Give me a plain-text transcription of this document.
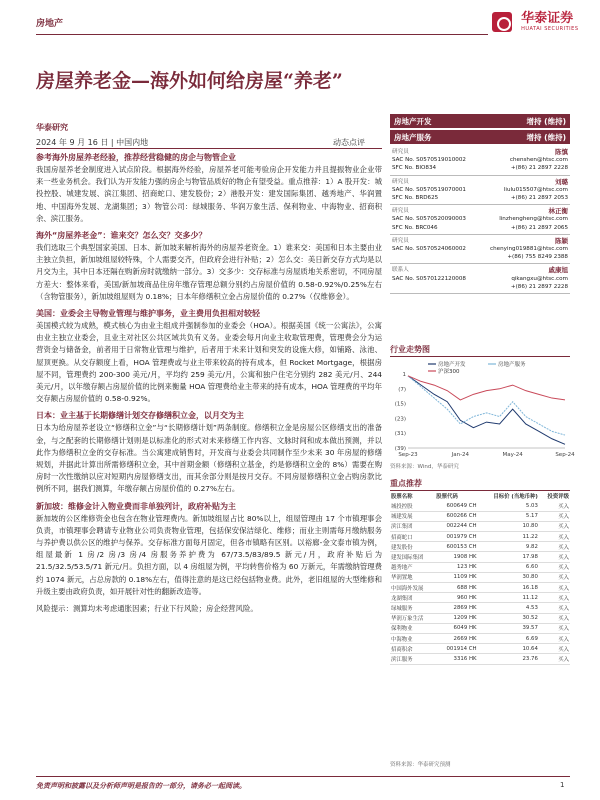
房地产
	华泰证券
HUATAI SECURITIES
房屋养老金—海外如何给房屋“养老”
华泰研究
2024 年 9 月 16 日 | 中国内地	动态点评
参考海外房屋养老经验，推荐经营稳健的房企与物管企业
我国房屋养老金制度进入试点阶段。根据海外经验，房屋养老可能考验房企开发能力并且提振物业企业带来一些业务机会。我们认为开发能力强的房企与物管品质好的物企有望受益。重点推荐：1）A 股开发：城投控股、城建发展、滨江集团、招商蛇口、建发股份；2）港股开发：建发国际集团、越秀地产、华润置地、中国海外发展、龙湖集团；3）物管公司：绿城服务、华润万象生活、保利物业、中海物业、招商积余、滨江服务。
海外“房屋养老金”：谁来交？怎么交？交多少？
我们选取三个典型国家美国、日本、新加坡来解析海外的房屋养老资金。1）谁来交：美国和日本主要由业主独立负担，新加坡组屋较特殊，个人需要交齐，但政府会进行补贴；2）怎么交：美日新交存方式均是以月交为主，其中日本还隔在购新房时就缴纳一部分。3）交多少：交存标准与房屋质地关系密切，不同房屋方差大：整体来看，美国/新加坡商品住房年缴存管理总额分别约占房屋价值的 0.58-0.92%/0.25%左右（含物管服务），新加坡组屋则为 0.18%；日本年修缮积立金占房屋价值的 0.27%（仅维修金）。
美国：业委会主导物业管理与维护事务，业主费用负担相对较轻
美国模式较为成熟，模式核心为由业主组成并强制参加的业委会（HOA）。根据美国《统一公寓法》，公寓由业主独立业委会，且业主对社区公共区域共负有义务。业委会每月向业主收取管理费，管理费会分为运营资金与储备金，前者用于日常物业管理与维护，后者用于未来计划和突发的设施大修，如铺路、泳池、屋顶更换。从交存额度上看，HOA 管理费或与业主带来较高的持有成本，但 Rocket Mortgage，根据房屋不同，管理费约 200-300 美元/月，平均约 259 美元/月，公寓和独户住宅分别约 282 美元/月、244 美元/月，以年缴存额占房屋价值的比例来衡量 HOA 管理费给业主带来的持有成本，HOA 管理费的平均年交存额占房屋价值的 0.58-0.92%。
日本：业主基于长期修缮计划交存修缮积立金，以月交为主
日本为给房屋养老设立“修缮积立金”与“长期修缮计划”两条制度。修缮积立金是房屋公区修缮支出的准备金，与之配套的长期修缮计划则是以标准化的形式对未来修缮工作内容、文脉时间和成本做出预测，并以此作为修缮积立金的交存标准。当公寓建成销售时，开发商与业委会共同制作至少未来 30 年房屋的修缮规划，并据此计算出所需修缮积立金，其中首期金额（修缮积立基金，约是修缮积立金的 8%）需要在购房时一次性缴纳以应对短期内房屋修缮支出，而其余部分则是按月交存。不同房屋修缮积立金占购房款比例所不同，据我们测算，年缴存额占房屋价值的 0.27%左右。
新加坡：维修金计入物业费而非单独列计，政府补贴为主
新加坡的公区维修资金也包含在物业管理费内。新加坡组屋占比 80%以上，组屋管理由 17 个市镇理事会负责，市镇理事会聘请专业物业公司负责物业管理，包括保安保洁绿化、维修；而业主则需每月缴纳服务与养护费以供公区的维护与保养。交存标准方面每月固定，但各市镇略有区别。以裕廊-金文泰市镇为例，组屋最新 1 房/2 房/3 房/4 房服务养护费为 67/73.5/83/89.5 新元/月，政府补贴后为 21.5/32.5/53.5/71 新元/月。负担方面，以 4 房组屋为例，平均转售价格为 60 万新元，年需缴纳管理费约 1074 新元，占总房款的 0.18%左右，值得注意的是这已经包括物业费。此外，老旧组屋的大型维修和升级主要由政府负责，如开展针对性的翻新改造等。
风险提示：测算均未考虑通胀因素；行业下行风险；房企经营风险。
房地产开发	增持 (维持)
房地产服务	增持 (维持)
研究员	陈慎
SAC No. S0570519010002	chenshen@htsc.com
SFC No. BIO834	+(86) 21 2897 2228
研究员	刘璐
SAC No. S0570519070001	liulu015507@htsc.com
SFC No. BRD625	+(86) 21 2897 2053
研究员	林正衡
SAC No. S0570520090003	linzhengheng@htsc.com
SFC No. BRC046	+(86) 21 2897 2065
研究员	陈颖
SAC No. S0570524060002	chenying019881@htsc.com
+(86) 755 8249 2388
联系人	戚康旭
SAC No. S0570122120008	qikangxu@htsc.com
+(86) 21 2897 2228
行业走势图
1
(7)
(15)
(23)
(31)
(39)
Sep-23	Jan-24	May-24	Sep-24
房地产开发	房地产服务
沪深300
资料来源：Wind，华泰研究
重点推荐
股票名称	股票代码	目标价 (当地币种)	投资评级
城投控股	600649 CH	5.03	买入
城建发展	600266 CH	5.17	买入
滨江集团	002244 CH	10.80	买入
招商蛇口	001979 CH	11.22	买入
建发股份	600153 CH	9.82	买入
建发国际集团	1908 HK	17.98	买入
越秀地产	123 HK	6.60	买入
华润置地	1109 HK	30.80	买入
中国海外发展	688 HK	16.18	买入
龙湖集团	960 HK	11.12	买入
绿城服务	2869 HK	4.53	买入
华润万象生活	1209 HK	30.52	买入
保利物业	6049 HK	39.57	买入
中海物业	2669 HK	6.69	买入
招商积余	001914 CH	10.64	买入
滨江服务	3316 HK	23.76	买入
资料来源：华泰研究预测
免责声明和披露以及分析师声明是报告的一部分，请务必一起阅读。	1
